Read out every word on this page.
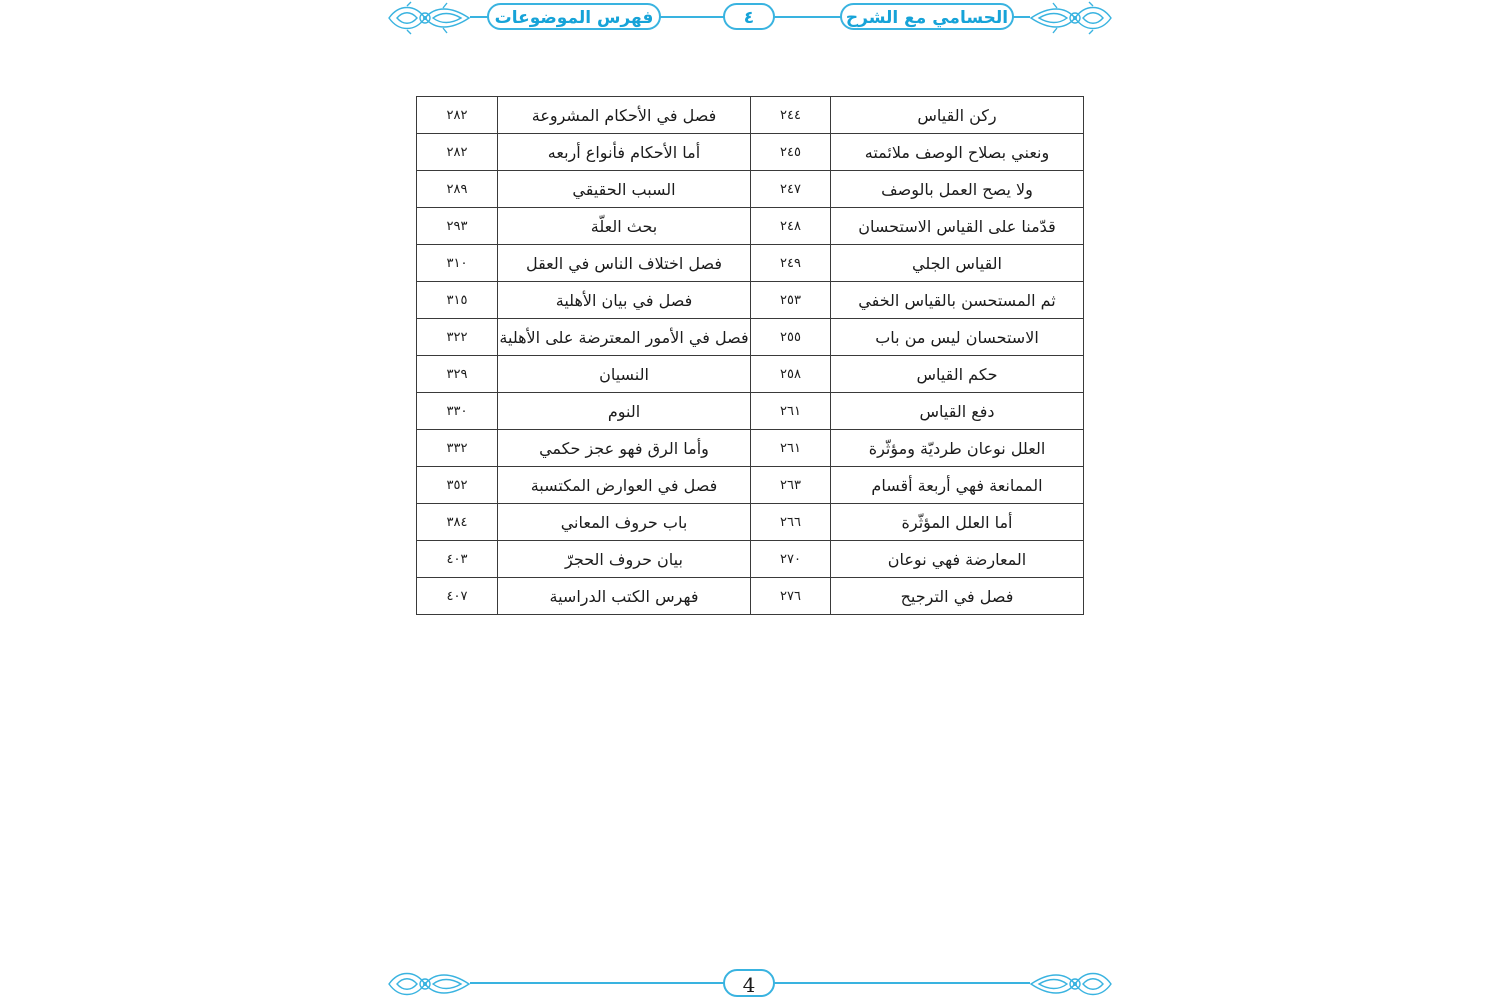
فهرس الموضوعات	٤	الحسامي مع الشرح
ركن القياس	٢٤٤	فصل في الأحكام المشروعة	٢٨٢
ونعني بصلاح الوصف ملائمته	٢٤٥	أما الأحكام فأنواع أربعه	٢٨٢
ولا يصح العمل بالوصف	٢٤٧	السبب الحقيقي	٢٨٩
قدّمنا على القياس الاستحسان	٢٤٨	بحث العلّة	٢٩٣
القياس الجلي	٢٤٩	فصل اختلاف الناس في العقل	٣١٠
ثم المستحسن بالقياس الخفي	٢٥٣	فصل في بيان الأهلية	٣١٥
الاستحسان ليس من باب	٢٥٥	فصل في الأمور المعترضة على الأهلية	٣٢٢
حكم القياس	٢٥٨	النسيان	٣٢٩
دفع القياس	٢٦١	النوم	٣٣٠
العلل نوعان طرديّة ومؤثّرة	٢٦١	وأما الرق فهو عجز حكمي	٣٣٢
الممانعة فهي أربعة أقسام	٢٦٣	فصل في العوارض المكتسبة	٣٥٢
أما العلل المؤثّرة	٢٦٦	باب حروف المعاني	٣٨٤
المعارضة فهي نوعان	٢٧٠	بيان حروف الحجرّ	٤٠٣
فصل في الترجيح	٢٧٦	فهرس الكتب الدراسية	٤٠٧
4
